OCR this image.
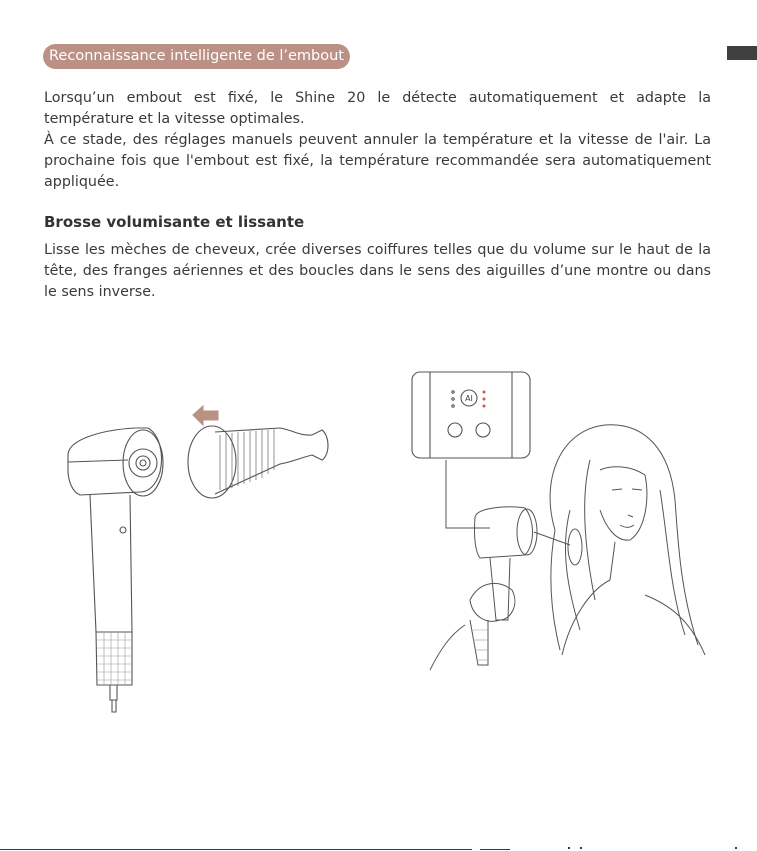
Reconnaissance intelligente de l’embout
Lorsqu’un embout est fixé, le Shine 20 le détecte automatiquement et adapte la température et la vitesse optimales.
À ce stade, des réglages manuels peuvent annuler la température et la vitesse de l'air. La prochaine fois que l'embout est fixé, la température recommandée sera automatiquement appliquée.
Brosse volumisante et lissante

Lisse les mèches de cheveux, crée diverses coiffures telles que du volume sur le haut de la tête, des franges aériennes et des boucles dans le sens des aiguilles d’une montre ou dans le sens inverse.

AI
